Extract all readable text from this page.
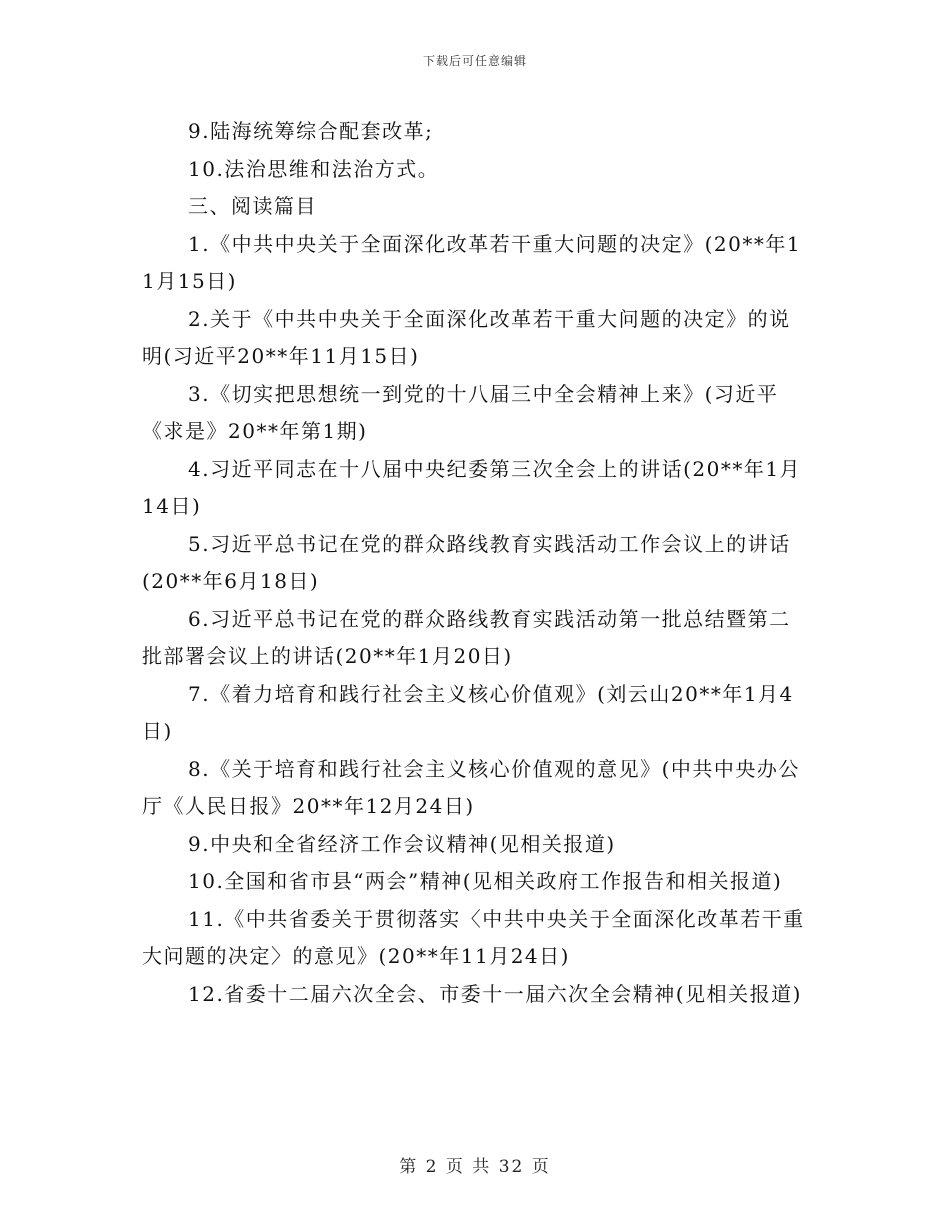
下载后可任意编辑

9.陆海统筹综合配套改革;

10.法治思维和法治方式。

三、阅读篇目

1.《中共中央关于全面深化改革若干重大问题的决定》(20**年11月15日)

2.关于《中共中央关于全面深化改革若干重大问题的决定》的说明(习近平20**年11月15日)

3.《切实把思想统一到党的十八届三中全会精神上来》(习近平《求是》20**年第1期)

4.习近平同志在十八届中央纪委第三次全会上的讲话(20**年1月14日)

5.习近平总书记在党的群众路线教育实践活动工作会议上的讲话(20**年6月18日)

6.习近平总书记在党的群众路线教育实践活动第一批总结暨第二批部署会议上的讲话(20**年1月20日)

7.《着力培育和践行社会主义核心价值观》(刘云山20**年1月4日)

8.《关于培育和践行社会主义核心价值观的意见》(中共中央办公厅《人民日报》20**年12月24日)

9.中央和全省经济工作会议精神(见相关报道)

10.全国和省市县“两会”精神(见相关政府工作报告和相关报道)

11.《中共省委关于贯彻落实〈中共中央关于全面深化改革若干重大问题的决定〉的意见》(20**年11月24日)

12.省委十二届六次全会、市委十一届六次全会精神(见相关报道)

第 2 页 共 32 页
